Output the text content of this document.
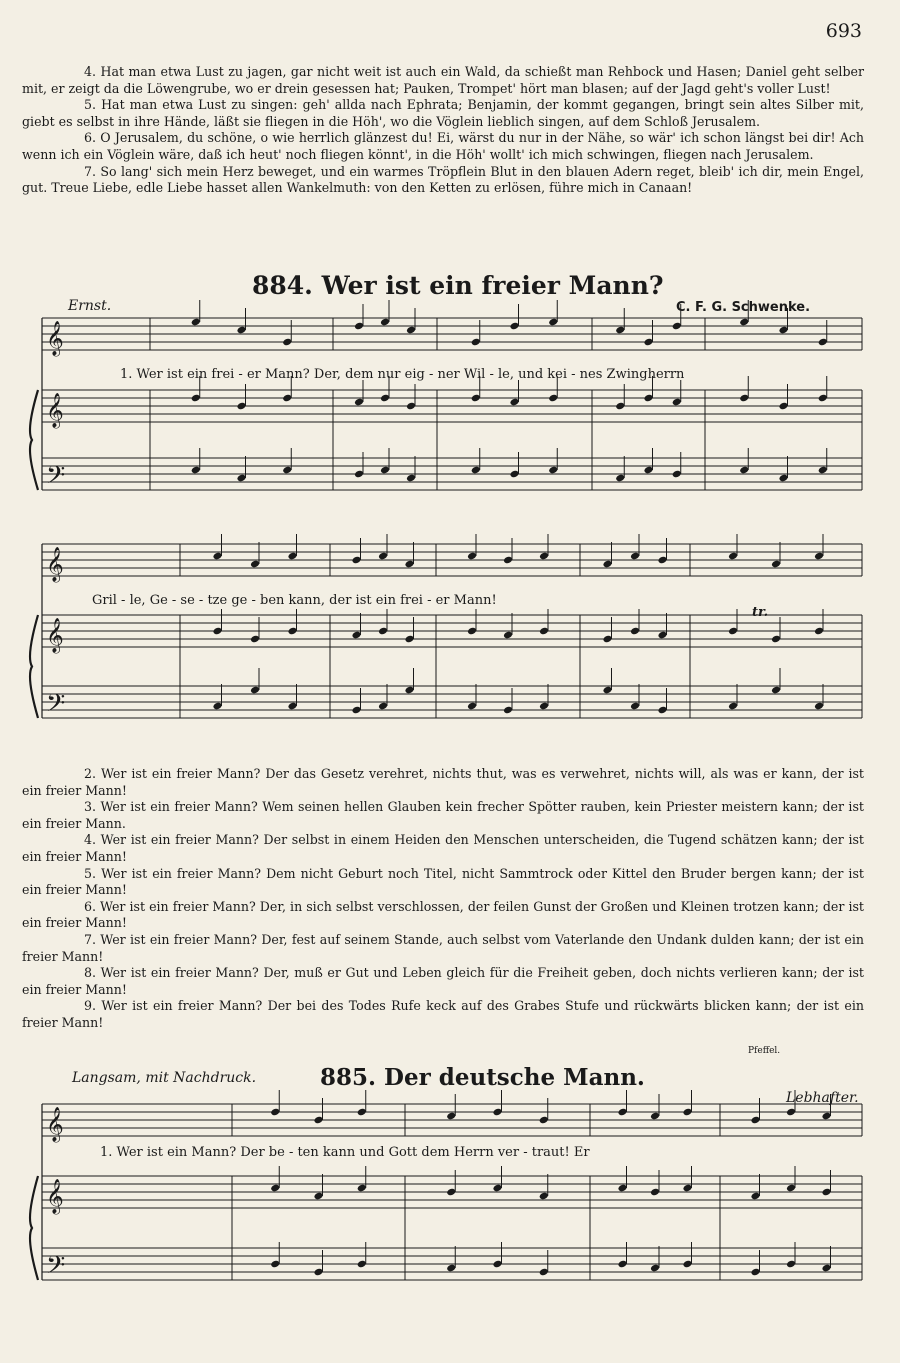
693

4. Hat man etwa Lust zu jagen, gar nicht weit ist auch ein Wald, da schießt man Rehbock und Hasen; Daniel geht selber mit, er zeigt da die Löwengrube, wo er drein gesessen hat; Pauken, Trompet' hört man blasen; auf der Jagd geht's voller Lust!

5. Hat man etwa Lust zu singen: geh' allda nach Ephrata; Benjamin, der kommt gegangen, bringt sein altes Silber mit, giebt es selbst in ihre Hände, läßt sie fliegen in die Höh', wo die Vöglein lieblich singen, auf dem Schloß Jerusalem.

6. O Jerusalem, du schöne, o wie herrlich glänzest du! Ei, wärst du nur in der Nähe, so wär' ich schon längst bei dir! Ach wenn ich ein Vöglein wäre, daß ich heut' noch fliegen könnt', in die Höh' wollt' ich mich schwingen, fliegen nach Jerusalem.

7. So lang' sich mein Herz beweget, und ein warmes Tröpflein Blut in den blauen Adern reget, bleib' ich dir, mein Engel, gut. Treue Liebe, edle Liebe hasset allen Wankelmuth: von den Ketten zu erlösen, führe mich in Canaan!

Ernst.
884. Wer ist ein freier Mann?
C. F. G. Schwenke.
1. Wer ist ein frei - er Mann? Der, dem nur eig - ner Wil - le, und kei - nes Zwingherrn
Gril - le, Ge - se - tze ge - ben kann, der ist ein frei - er Mann!
tr.

2. Wer ist ein freier Mann? Der das Gesetz verehret, nichts thut, was es verwehret, nichts will, als was er kann, der ist ein freier Mann!

3. Wer ist ein freier Mann? Wem seinen hellen Glauben kein frecher Spötter rauben, kein Priester meistern kann; der ist ein freier Mann.

4. Wer ist ein freier Mann? Der selbst in einem Heiden den Menschen unterscheiden, die Tugend schätzen kann; der ist ein freier Mann!

5. Wer ist ein freier Mann? Dem nicht Geburt noch Titel, nicht Sammtrock oder Kittel den Bruder bergen kann; der ist ein freier Mann!

6. Wer ist ein freier Mann? Der, in sich selbst verschlossen, der feilen Gunst der Großen und Kleinen trotzen kann; der ist ein freier Mann!

7. Wer ist ein freier Mann? Der, fest auf seinem Stande, auch selbst vom Vaterlande den Undank dulden kann; der ist ein freier Mann!

8. Wer ist ein freier Mann? Der, muß er Gut und Leben gleich für die Freiheit geben, doch nichts verlieren kann; der ist ein freier Mann!

9. Wer ist ein freier Mann? Der bei des Todes Rufe keck auf des Grabes Stufe und rückwärts blicken kann; der ist ein freier Mann!

Pfeffel.
Langsam, mit Nachdruck.	885. Der deutsche Mann.
Lebhafter.
1. Wer ist ein Mann? Der be - ten kann und Gott dem Herrn ver - traut! Er
𝄞
𝄞
𝄢
𝄞
𝄞
𝄢
𝄞
𝄞
𝄢
